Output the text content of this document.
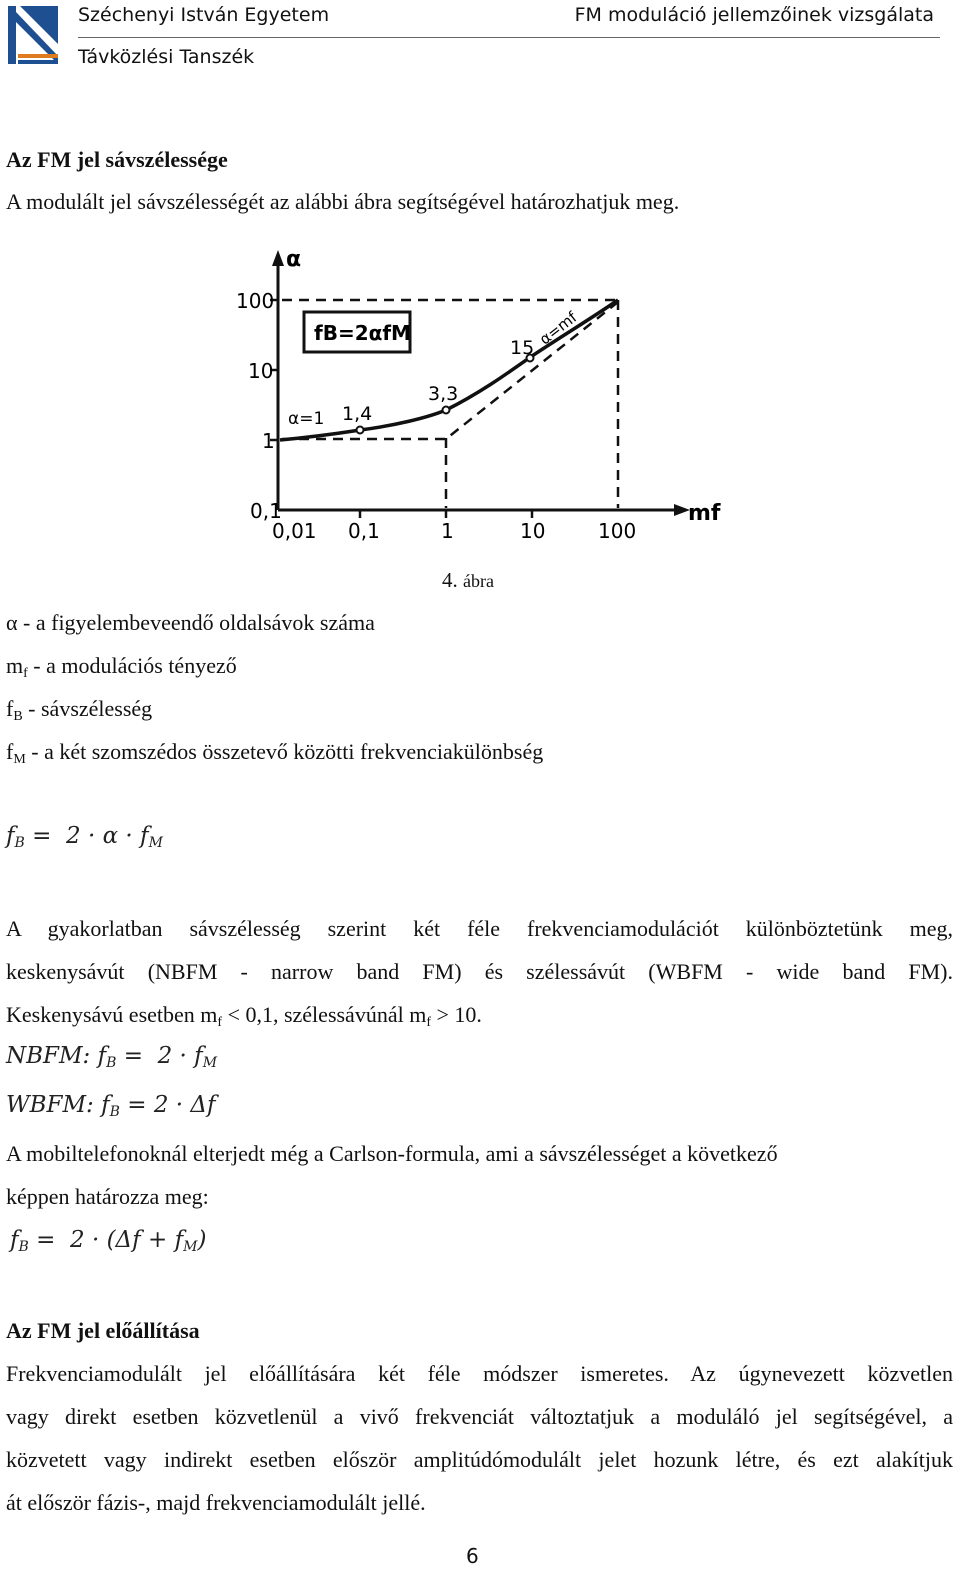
Széchenyi István Egyetem	FM moduláció jellemzőinek vizsgálata
Távközlési Tanszék
Az FM jel sávszélessége
A modulált jel sávszélességét az alábbi ábra segítségével határozhatjuk meg.
fB=2αfM
α
100
10
1
0,1
0,01 0,1	1	10	100
mf
α=1 1,4
3,3
15 α=mf
4. ábra
α - a figyelembeveendő oldalsávok száma
$m_f$ - a modulációs tényező
$f_B$ - sávszélesség
$f_M$ - a két szomszédos összetevő közötti frekvenciakülönbség
$f_B = 2 \cdot \alpha \cdot f_M$
A gyakorlatban sávszélesség szerint két féle frekvenciamodulációt különböztetünk meg,
keskenysávút (NBFM - narrow band FM) és szélessávút (WBFM - wide band FM).
Keskenysávú esetben $m_f < 0,1$, szélessávúnál $m_f > 10$.
NBFM: $f_B = 2 \cdot f_M$
WBFM: $f_B = 2 \cdot \Delta f$
A mobiltelefonoknál elterjedt még a Carlson-formula, ami a sávszélességet a következő
képpen határozza meg:
$f_B = 2 \cdot (\Delta f + f_M)$
Az FM jel előállítása
Frekvenciamodulált jel előállítására két féle módszer ismeretes. Az úgynevezett közvetlen
vagy direkt esetben közvetlenül a vivő frekvenciát változtatjuk a moduláló jel segítségével, a
közvetett vagy indirekt esetben először amplitúdómodulált jelet hozunk létre, és ezt alakítjuk
át először fázis-, majd frekvenciamodulált jellé.
6
